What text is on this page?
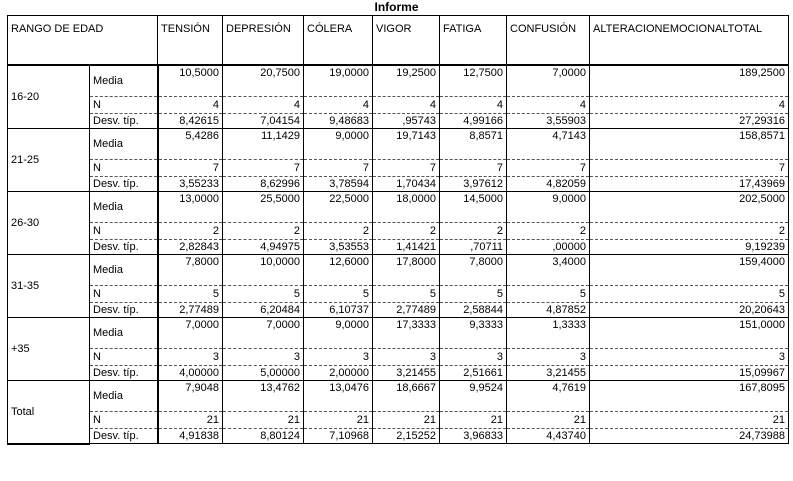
Informe
RANGO DE EDAD		TENSIÓN	DEPRESIÓN	CÓLERA	VIGOR	FATIGA	CONFUSIÓN	ALTERACIONEMOCIONALTOTAL
16-20	Media	10,5000	20,7500	19,0000	19,2500	12,7500	7,0000	189,2500
	N	4	4	4	4	4	4	4
	Desv. típ.	8,42615	7,04154	9,48683	,95743	4,99166	3,55903	27,29316
21-25	Media	5,4286	11,1429	9,0000	19,7143	8,8571	4,7143	158,8571
	N	7	7	7	7	7	7	7
	Desv. típ.	3,55233	8,62996	3,78594	1,70434	3,97612	4,82059	17,43969
26-30	Media	13,0000	25,5000	22,5000	18,0000	14,5000	9,0000	202,5000
	N	2	2	2	2	2	2	2
	Desv. típ.	2,82843	4,94975	3,53553	1,41421	,70711	,00000	9,19239
31-35	Media	7,8000	10,0000	12,6000	17,8000	7,8000	3,4000	159,4000
	N	5	5	5	5	5	5	5
	Desv. típ.	2,77489	6,20484	6,10737	2,77489	2,58844	4,87852	20,20643
+35	Media	7,0000	7,0000	9,0000	17,3333	9,3333	1,3333	151,0000
	N	3	3	3	3	3	3	3
	Desv. típ.	4,00000	5,00000	2,00000	3,21455	2,51661	3,21455	15,09967
Total	Media	7,9048	13,4762	13,0476	18,6667	9,9524	4,7619	167,8095
	N	21	21	21	21	21	21	21
	Desv. típ.	4,91838	8,80124	7,10968	2,15252	3,96833	4,43740	24,73988
